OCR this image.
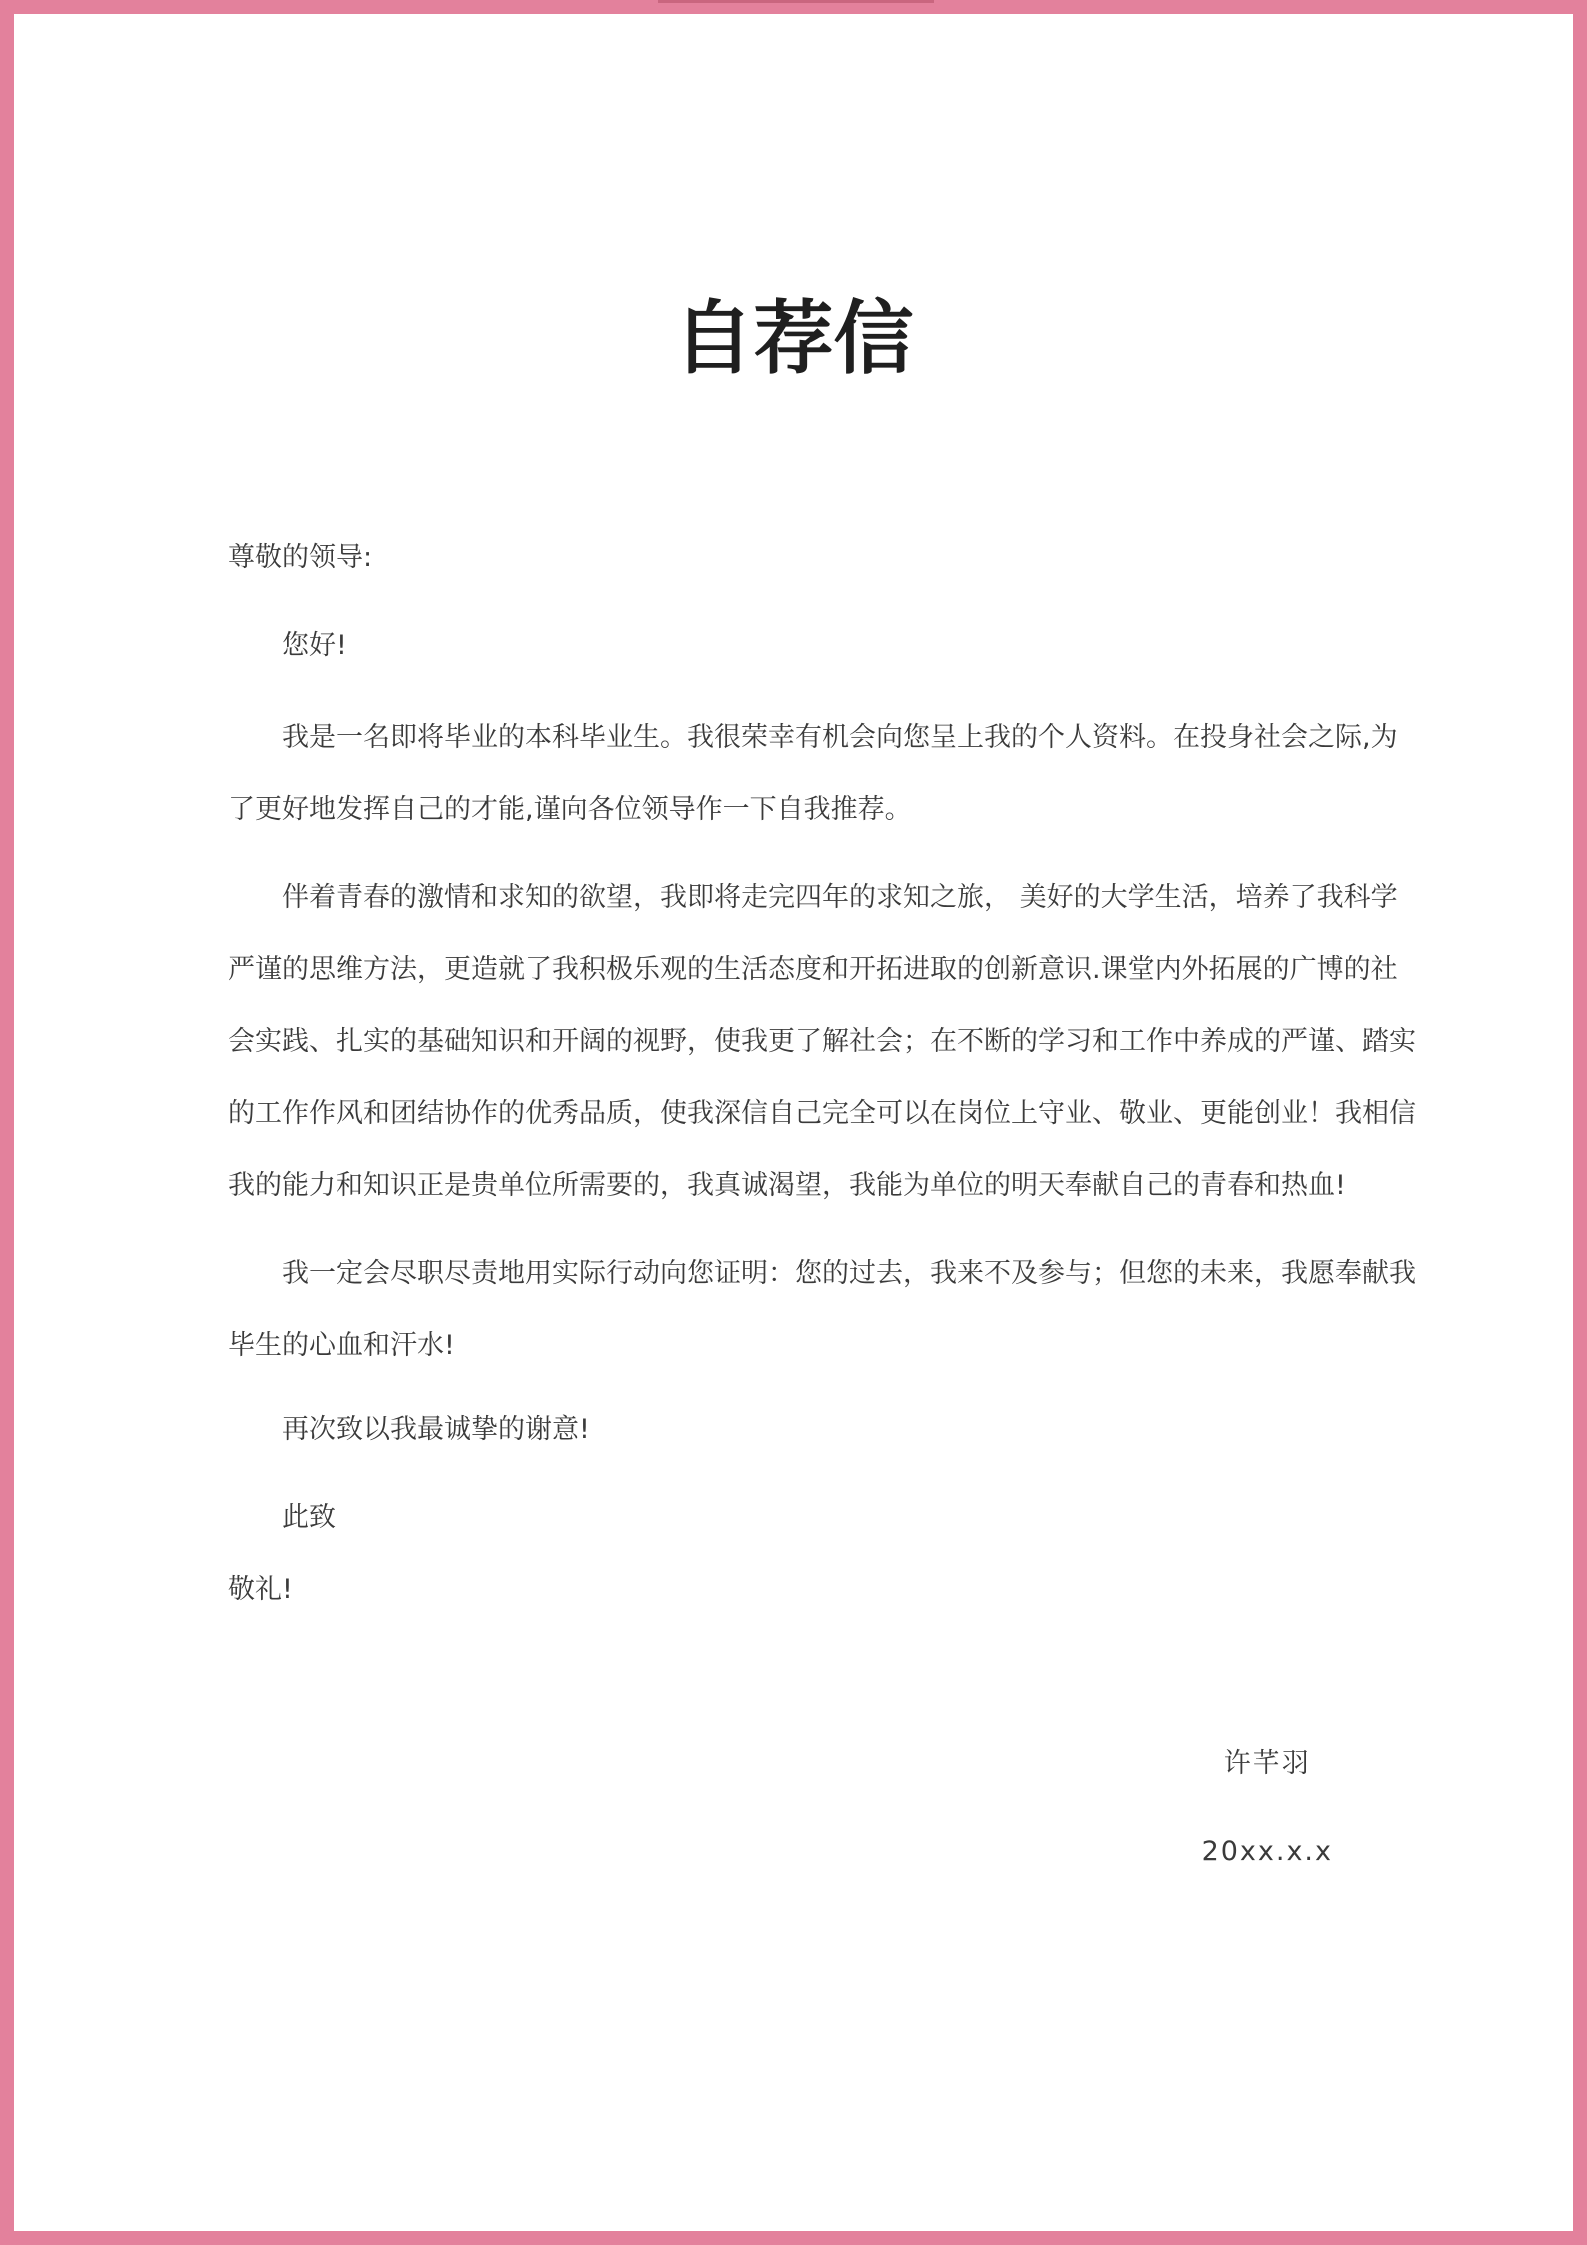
自荐信

尊敬的领导:

您好!

我是一名即将毕业的本科毕业生。我很荣幸有机会向您呈上我的个人资料。在投身社会之际,为了更好地发挥自己的才能,谨向各位领导作一下自我推荐。

伴着青春的激情和求知的欲望，我即将走完四年的求知之旅， 美好的大学生活，培养了我科学严谨的思维方法，更造就了我积极乐观的生活态度和开拓进取的创新意识.课堂内外拓展的广博的社会实践、扎实的基础知识和开阔的视野，使我更了解社会；在不断的学习和工作中养成的严谨、踏实的工作作风和团结协作的优秀品质，使我深信自己完全可以在岗位上守业、敬业、更能创业！我相信我的能力和知识正是贵单位所需要的，我真诚渴望，我能为单位的明天奉献自己的青春和热血!

我一定会尽职尽责地用实际行动向您证明：您的过去，我来不及参与；但您的未来，我愿奉献我毕生的心血和汗水!

再次致以我最诚挚的谢意!

此致

敬礼!

许芊羽
20xx.x.x
